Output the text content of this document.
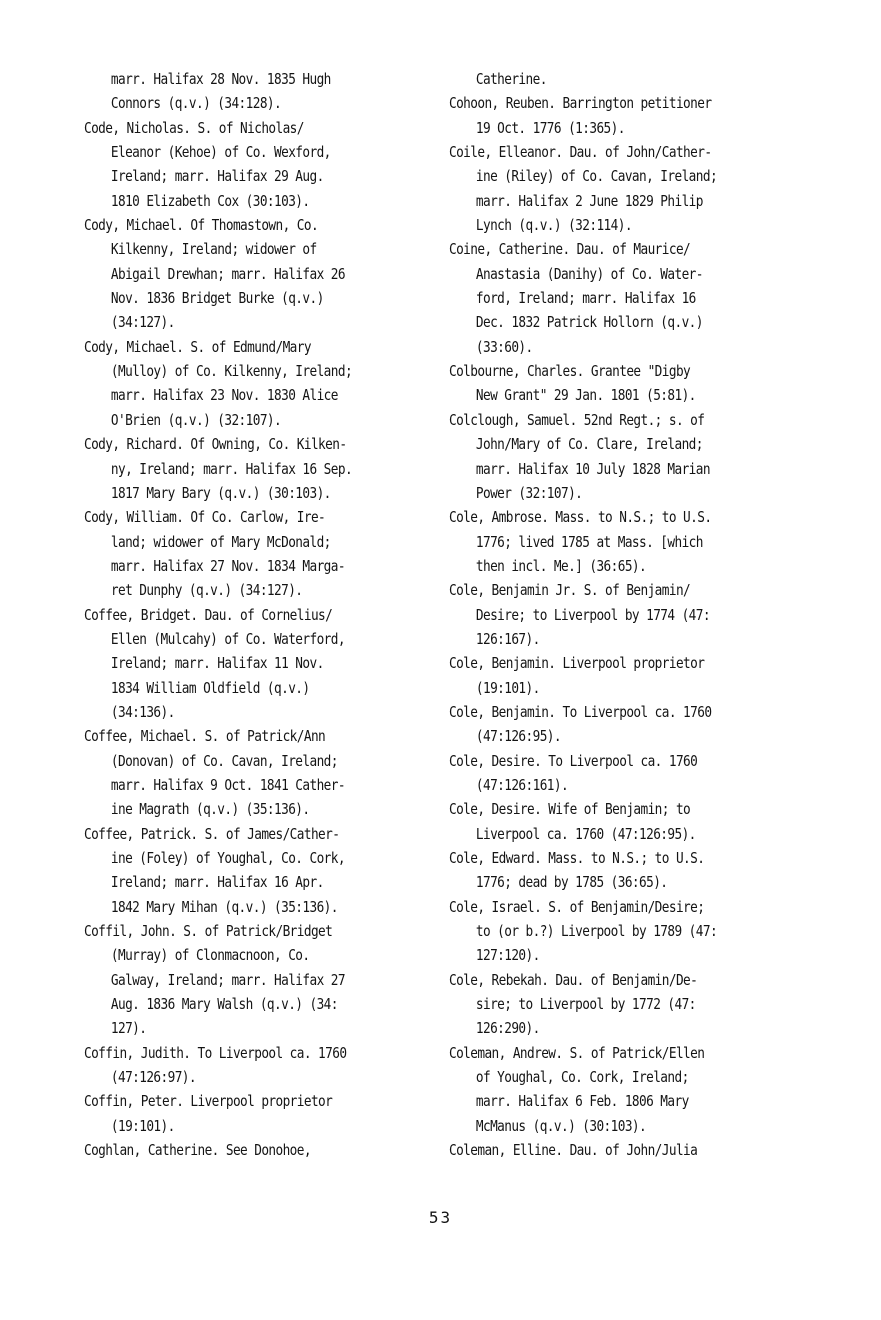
marr. Halifax 28 Nov. 1835 Hugh
Connors (q.v.) (34:128).
Code, Nicholas. S. of Nicholas/
Eleanor (Kehoe) of Co. Wexford,
Ireland; marr. Halifax 29 Aug.
1810 Elizabeth Cox (30:103).
Cody, Michael. Of Thomastown, Co.
Kilkenny, Ireland; widower of
Abigail Drewhan; marr. Halifax 26
Nov. 1836 Bridget Burke (q.v.)
(34:127).
Cody, Michael. S. of Edmund/Mary
(Mulloy) of Co. Kilkenny, Ireland;
marr. Halifax 23 Nov. 1830 Alice
O'Brien (q.v.) (32:107).
Cody, Richard. Of Owning, Co. Kilken-
ny, Ireland; marr. Halifax 16 Sep.
1817 Mary Bary (q.v.) (30:103).
Cody, William. Of Co. Carlow, Ire-
land; widower of Mary McDonald;
marr. Halifax 27 Nov. 1834 Marga-
ret Dunphy (q.v.) (34:127).
Coffee, Bridget. Dau. of Cornelius/
Ellen (Mulcahy) of Co. Waterford,
Ireland; marr. Halifax 11 Nov.
1834 William Oldfield (q.v.)
(34:136).
Coffee, Michael. S. of Patrick/Ann
(Donovan) of Co. Cavan, Ireland;
marr. Halifax 9 Oct. 1841 Cather-
ine Magrath (q.v.) (35:136).
Coffee, Patrick. S. of James/Cather-
ine (Foley) of Youghal, Co. Cork,
Ireland; marr. Halifax 16 Apr.
1842 Mary Mihan (q.v.) (35:136).
Coffil, John. S. of Patrick/Bridget
(Murray) of Clonmacnoon, Co.
Galway, Ireland; marr. Halifax 27
Aug. 1836 Mary Walsh (q.v.) (34:
127).
Coffin, Judith. To Liverpool ca. 1760
(47:126:97).
Coffin, Peter. Liverpool proprietor
(19:101).
Coghlan, Catherine. See Donohoe,
Catherine.
Cohoon, Reuben. Barrington petitioner
19 Oct. 1776 (1:365).
Coile, Elleanor. Dau. of John/Cather-
ine (Riley) of Co. Cavan, Ireland;
marr. Halifax 2 June 1829 Philip
Lynch (q.v.) (32:114).
Coine, Catherine. Dau. of Maurice/
Anastasia (Danihy) of Co. Water-
ford, Ireland; marr. Halifax 16
Dec. 1832 Patrick Hollorn (q.v.)
(33:60).
Colbourne, Charles. Grantee "Digby
New Grant" 29 Jan. 1801 (5:81).
Colclough, Samuel. 52nd Regt.; s. of
John/Mary of Co. Clare, Ireland;
marr. Halifax 10 July 1828 Marian
Power (32:107).
Cole, Ambrose. Mass. to N.S.; to U.S.
1776; lived 1785 at Mass. [which
then incl. Me.] (36:65).
Cole, Benjamin Jr. S. of Benjamin/
Desire; to Liverpool by 1774 (47:
126:167).
Cole, Benjamin. Liverpool proprietor
(19:101).
Cole, Benjamin. To Liverpool ca. 1760
(47:126:95).
Cole, Desire. To Liverpool ca. 1760
(47:126:161).
Cole, Desire. Wife of Benjamin; to
Liverpool ca. 1760 (47:126:95).
Cole, Edward. Mass. to N.S.; to U.S.
1776; dead by 1785 (36:65).
Cole, Israel. S. of Benjamin/Desire;
to (or b.?) Liverpool by 1789 (47:
127:120).
Cole, Rebekah. Dau. of Benjamin/De-
sire; to Liverpool by 1772 (47:
126:290).
Coleman, Andrew. S. of Patrick/Ellen
of Youghal, Co. Cork, Ireland;
marr. Halifax 6 Feb. 1806 Mary
McManus (q.v.) (30:103).
Coleman, Elline. Dau. of John/Julia
53
